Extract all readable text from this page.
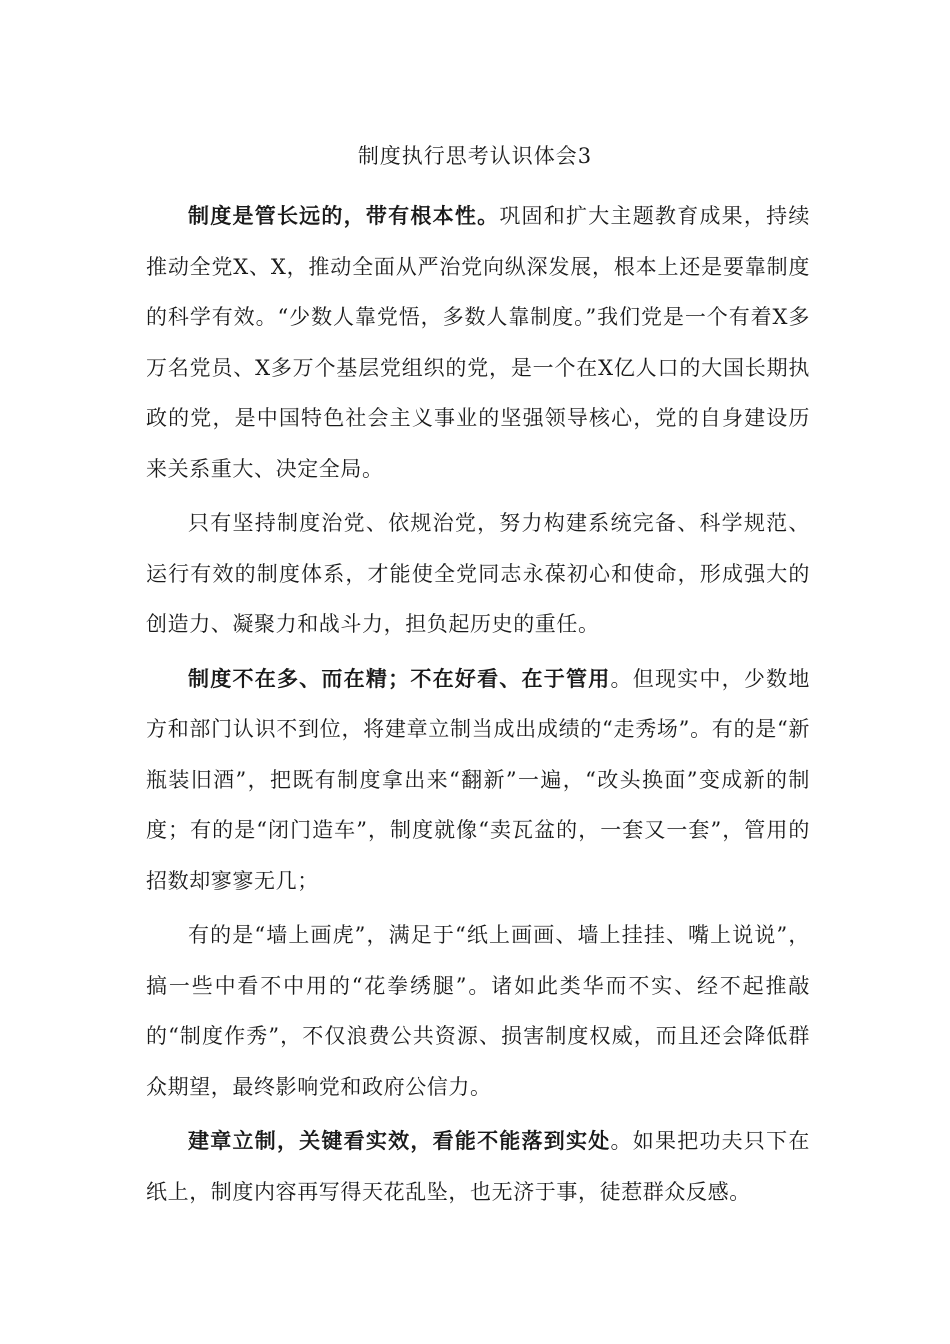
制度执行思考认识体会3

制度是管长远的，带有根本性。巩固和扩大主题教育成果，持续推动全党X、X，推动全面从严治党向纵深发展，根本上还是要靠制度的科学有效。“少数人靠党悟，多数人靠制度。”我们党是一个有着X多万名党员、X多万个基层党组织的党，是一个在X亿人口的大国长期执政的党，是中国特色社会主义事业的坚强领导核心，党的自身建设历来关系重大、决定全局。

只有坚持制度治党、依规治党，努力构建系统完备、科学规范、运行有效的制度体系，才能使全党同志永葆初心和使命，形成强大的创造力、凝聚力和战斗力，担负起历史的重任。

制度不在多、而在精；不在好看、在于管用。但现实中，少数地方和部门认识不到位，将建章立制当成出成绩的“走秀场”。有的是“新瓶装旧酒”，把既有制度拿出来“翻新”一遍，“改头换面”变成新的制度；有的是“闭门造车”，制度就像“卖瓦盆的，一套又一套”，管用的招数却寥寥无几；

有的是“墙上画虎”，满足于“纸上画画、墙上挂挂、嘴上说说”，搞一些中看不中用的“花拳绣腿”。诸如此类华而不实、经不起推敲的“制度作秀”，不仅浪费公共资源、损害制度权威，而且还会降低群众期望，最终影响党和政府公信力。

建章立制，关键看实效，看能不能落到实处。如果把功夫只下在纸上，制度内容再写得天花乱坠，也无济于事，徒惹群众反感。
